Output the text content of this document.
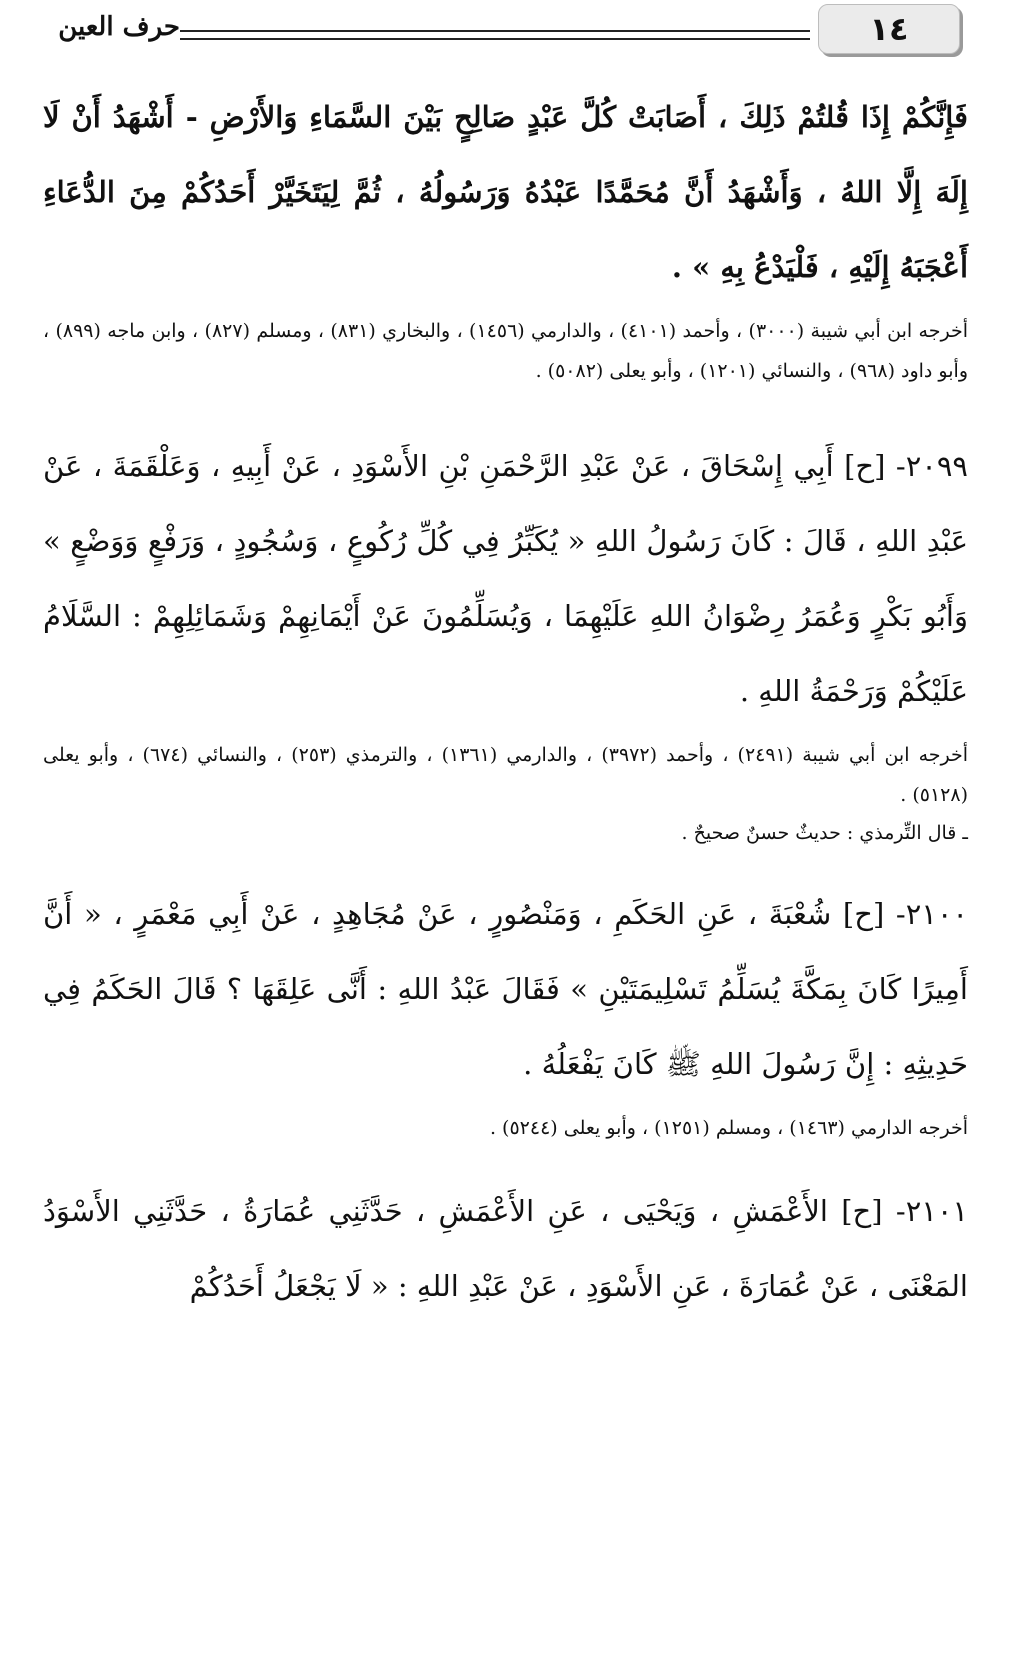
١٤
حرف العين

فَإِنَّكُمْ إِذَا قُلتُمْ ذَلِكَ ، أَصَابَتْ كُلَّ عَبْدٍ صَالِحٍ بَيْنَ السَّمَاءِ وَالأَرْضِ - أَشْهَدُ أَنْ لَا إِلَهَ إِلَّا اللهُ ، وَأَشْهَدُ أَنَّ مُحَمَّدًا عَبْدُهُ وَرَسُولُهُ ، ثُمَّ لِيَتَخَيَّرْ أَحَدُكُمْ مِنَ الدُّعَاءِ أَعْجَبَهُ إِلَيْهِ ، فَلْيَدْعُ بِهِ » .

أخرجه ابن أبي شيبة (٣٠٠٠) ، وأحمد (٤١٠١) ، والدارمي (١٤٥٦) ، والبخاري (٨٣١) ، ومسلم (٨٢٧) ، وابن ماجه (٨٩٩) ، وأبو داود (٩٦٨) ، والنسائي (١٢٠١) ، وأبو يعلى (٥٠٨٢) .

٢٠٩٩- [ح] أَبِي إِسْحَاقَ ، عَنْ عَبْدِ الرَّحْمَنِ بْنِ الأَسْوَدِ ، عَنْ أَبِيهِ ، وَعَلْقَمَةَ ، عَنْ عَبْدِ اللهِ ، قَالَ : كَانَ رَسُولُ اللهِ « يُكَبِّرُ فِي كُلِّ رُكُوعٍ ، وَسُجُودٍ ، وَرَفْعٍ وَوَضْعٍ » وَأَبُو بَكْرٍ وَعُمَرُ رِضْوَانُ اللهِ عَلَيْهِمَا ، وَيُسَلِّمُونَ عَنْ أَيْمَانِهِمْ وَشَمَائِلِهِمْ : السَّلَامُ عَلَيْكُمْ وَرَحْمَةُ اللهِ .

أخرجه ابن أبي شيبة (٢٤٩١) ، وأحمد (٣٩٧٢) ، والدارمي (١٣٦١) ، والترمذي (٢٥٣) ، والنسائي (٦٧٤) ، وأبو يعلى (٥١٢٨) .

ـ قال التِّرمذي : حديثٌ حسنٌ صحيحٌ .

٢١٠٠- [ح] شُعْبَةَ ، عَنِ الحَكَمِ ، وَمَنْصُورٍ ، عَنْ مُجَاهِدٍ ، عَنْ أَبِي مَعْمَرٍ ، « أَنَّ أَمِيرًا كَانَ بِمَكَّةَ يُسَلِّمُ تَسْلِيمَتَيْنِ » فَقَالَ عَبْدُ اللهِ : أَنَّى عَلِقَهَا ؟ قَالَ الحَكَمُ فِي حَدِيثِهِ : إِنَّ رَسُولَ اللهِ ﷺ كَانَ يَفْعَلُهُ .

أخرجه الدارمي (١٤٦٣) ، ومسلم (١٢٥١) ، وأبو يعلى (٥٢٤٤) .

٢١٠١- [ح] الأَعْمَشِ ، وَيَحْيَى ، عَنِ الأَعْمَشِ ، حَدَّثَنِي عُمَارَةُ ، حَدَّثَنِي الأَسْوَدُ المَعْنَى ، عَنْ عُمَارَةَ ، عَنِ الأَسْوَدِ ، عَنْ عَبْدِ اللهِ : « لَا يَجْعَلُ أَحَدُكُمْ
